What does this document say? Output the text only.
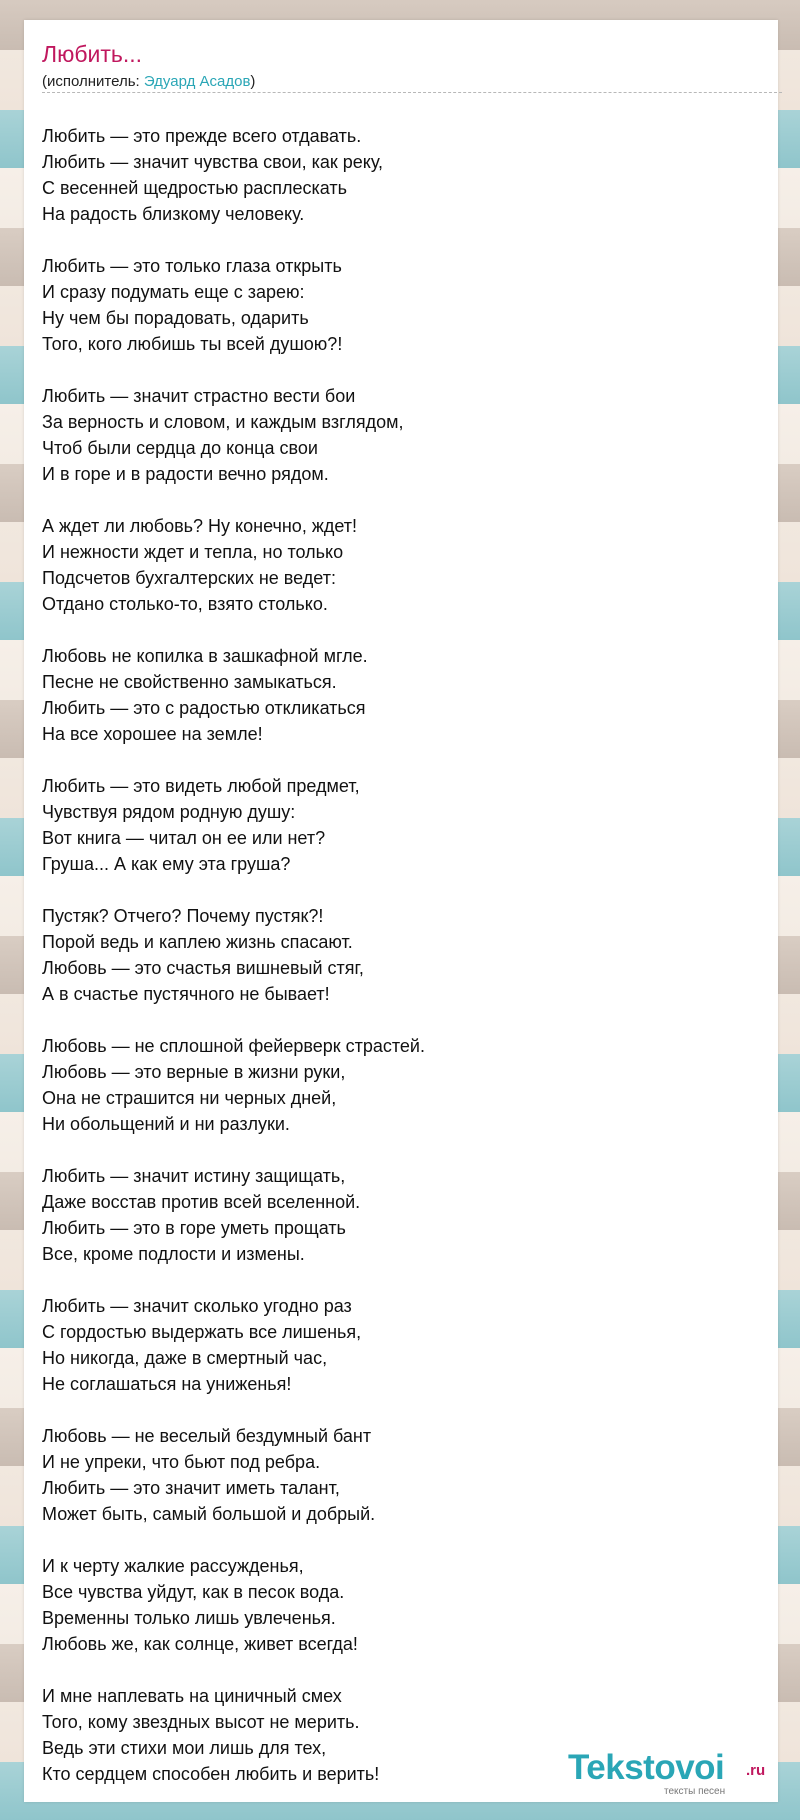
Любить...
(исполнитель: Эдуард Асадов)
Любить — это прежде всего отдавать.
Любить — значит чувства свои, как реку,
С весенней щедростью расплескать
На радость близкому человеку.
Любить — это только глаза открыть
И сразу подумать еще с зарею:
Ну чем бы порадовать, одарить
Того, кого любишь ты всей душою?!
Любить — значит страстно вести бои
За верность и словом, и каждым взглядом,
Чтоб были сердца до конца свои
И в горе и в радости вечно рядом.
А ждет ли любовь? Ну конечно, ждет!
И нежности ждет и тепла, но только
Подсчетов бухгалтерских не ведет:
Отдано столько-то, взято столько.
Любовь не копилка в зашкафной мгле.
Песне не свойственно замыкаться.
Любить — это с радостью откликаться
На все хорошее на земле!
Любить — это видеть любой предмет,
Чувствуя рядом родную душу:
Вот книга — читал он ее или нет?
Груша... А как ему эта груша?
Пустяк? Отчего? Почему пустяк?!
Порой ведь и каплею жизнь спасают.
Любовь — это счастья вишневый стяг,
А в счастье пустячного не бывает!
Любовь — не сплошной фейерверк страстей.
Любовь — это верные в жизни руки,
Она не страшится ни черных дней,
Ни обольщений и ни разлуки.
Любить — значит истину защищать,
Даже восстав против всей вселенной.
Любить — это в горе уметь прощать
Все, кроме подлости и измены.
Любить — значит сколько угодно раз
С гордостью выдержать все лишенья,
Но никогда, даже в смертный час,
Не соглашаться на униженья!
Любовь — не веселый бездумный бант
И не упреки, что бьют под ребра.
Любить — это значит иметь талант,
Может быть, самый большой и добрый.
И к черту жалкие рассужденья,
Все чувства уйдут, как в песок вода.
Временны только лишь увлеченья.
Любовь же, как солнце, живет всегда!
И мне наплевать на циничный смех
Того, кому звездных высот не мерить.
Ведь эти стихи мои лишь для тех,
Кто сердцем способен любить и верить!	Tekstovoi .ru
тексты песен
